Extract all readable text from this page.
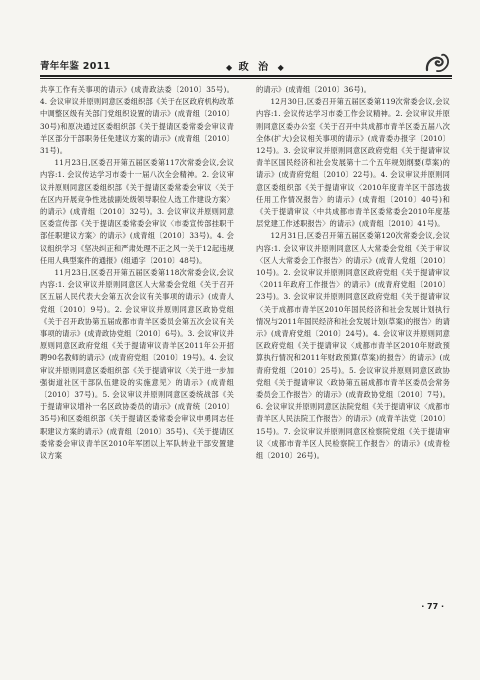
青年年鉴 2011	◆ 政 治 ◆

共享工作有关事项的请示》(成青政法委〔2010〕35号)。4. 会议审议并原则同意区委组织部《关于在区政府机构改革中调整区级有关部门党组织设置的请示》(成青组〔2010〕30号)和原决通过区委组织部《关于提请区委常委会审议青羊区部分干部职务任免建议方案的请示》(成青组〔2010〕31号)。

11月23日,区委召开第五届区委第117次常委会议,会议内容:1. 会议传达学习市委十一届八次全会精神。2. 会议审议并原则同意区委组织部《关于提请区委常委会审议〈关于在区内开展竞争性选拔副处级领导职位人选工作建设方案〉的请示》(成青组〔2010〕32号)。3. 会议审议并原则同意区委宣传部《关于提请区委常委会审议〈市委宣传部挂职干部任职建议方案〉的请示》(成青组〔2010〕33号)。4. 会议组织学习《坚决纠正和严肃处理不正之风一关于12起违规任用人典型案件的通报》(组通字〔2010〕48号)。

11月23日,区委召开第五届区委第118次常委会议,会议内容:1. 会议审议并原则同意区人大常委会党组《关于召开区五届人民代表大会第五次会议有关事项的请示》(成青人党组〔2010〕9号)。2. 会议审议并原则同意区政协党组《关于召开政协第五届成都市青羊区委员会第五次会议有关事项的请示》(成青政协党组〔2010〕6号)。3. 会议审议并原则同意区政府党组《关于提请审议青羊区2011年公开招聘90名教师的请示》(成青府党组〔2010〕19号)。4. 会议审议并原则同意区委组织部《关于提请审议〈关于进一步加强街道社区干部队伍建设的实施意见〉的请示》(成青组〔2010〕37号)。5. 会议审议并原则同意区委统战部《关于提请审议增补一名区政协委员的请示》(成青统〔2010〕35号)和区委组织部《关于提请区委常委会审议申勇同志任职建议方案的请示》(成青组〔2010〕35号)、《关于提请区委常委会审议青羊区2010年军团以上军队转业干部安置建议方案

的请示》(成青组〔2010〕36号)。

12月30日,区委召开第五届区委第119次常委会议,会议内容:1. 会议传达学习市委工作会议精神。2. 会议审议并原则同意区委办公室《关于召开中共成都市青羊区委五届八次全体(扩大)会议相关事项的请示》(成青委办报字〔2010〕12号)。3. 会议审议并原则同意区政府党组《关于提请审议青羊区国民经济和社会发展第十二个五年规划纲要(草案)的请示》(成青府党组〔2010〕22号)。4. 会议审议并原则同意区委组织部《关于提请审议〈2010年度青羊区干部选拔任用工作情况报告〉的请示》(成青组〔2010〕40号)和《关于提请审议〈中共成都市青羊区委常委会2010年度基层党建工作述职报告〉的请示》(成青组〔2010〕41号)。

12月31日,区委召开第五届区委第120次常委会议,会议内容:1. 会议审议并原则同意区人大常委会党组《关于审议〈区人大常委会工作报告〉的请示》(成青人党组〔2010〕10号)。2. 会议审议并原则同意区政府党组《关于提请审议〈2011年政府工作报告〉的请示》(成青府党组〔2010〕23号)。3. 会议审议并原则同意区政府党组《关于提请审议〈关于成都市青羊区2010年国民经济和社会发展计划执行情况与2011年国民经济和社会发展计划(草案)的报告〉的请示》(成青府党组〔2010〕24号)。4. 会议审议并原则同意区政府党组《关于提请审议〈成都市青羊区2010年财政预算执行情况和2011年财政预算(草案)的报告〉的请示》(成青府党组〔2010〕25号)。5. 会议审议并原则同意区政协党组《关于提请审议〈政协第五届成都市青羊区委员会常务委员会工作报告〉的请示》(成青政协党组〔2010〕7号)。6. 会议审议并原则同意区法院党组《关于提请审议〈成都市青羊区人民法院工作报告〉的请示》(成青羊法党〔2010〕15号)。7. 会议审议并原则同意区检察院党组《关于提请审议〈成都市青羊区人民检察院工作报告〉的请示》(成青检组〔2010〕26号)。

· 77 ·
